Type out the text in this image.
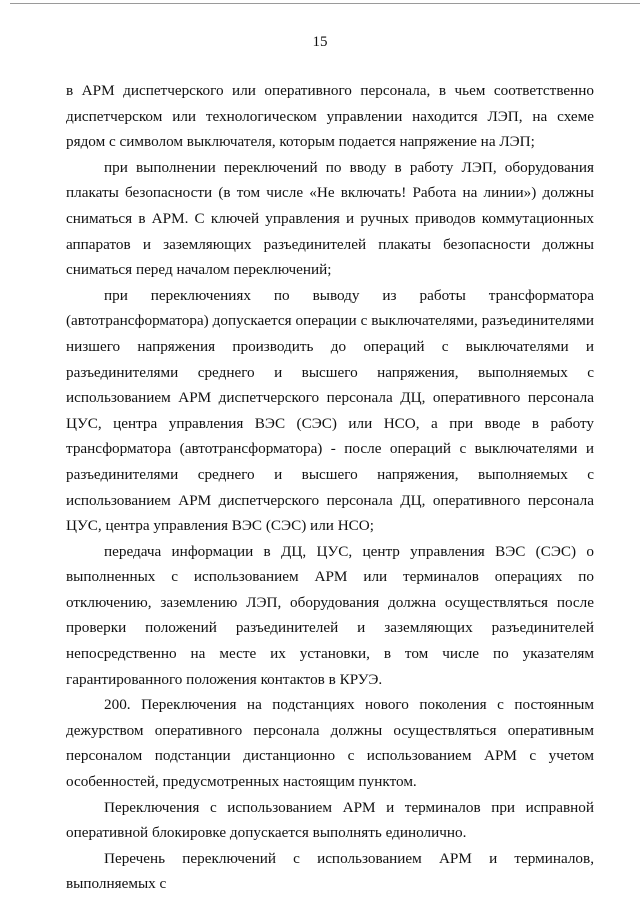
15

в АРМ диспетчерского или оперативного персонала, в чьем соответственно диспетчерском или технологическом управлении находится ЛЭП, на схеме рядом с символом выключателя, которым подается напряжение на ЛЭП;

при выполнении переключений по вводу в работу ЛЭП, оборудования плакаты безопасности (в том числе «Не включать! Работа на линии») должны сниматься в АРМ. С ключей управления и ручных приводов коммутационных аппаратов и заземляющих разъединителей плакаты безопасности должны сниматься перед началом переключений;

при переключениях по выводу из работы трансформатора (автотрансформатора) допускается операции с выключателями, разъединителями низшего напряжения производить до операций с выключателями и разъединителями среднего и высшего напряжения, выполняемых с использованием АРМ диспетчерского персонала ДЦ, оперативного персонала ЦУС, центра управления ВЭС (СЭС) или НСО, а при вводе в работу трансформатора (автотрансформатора) - после операций с выключателями и разъединителями среднего и высшего напряжения, выполняемых с использованием АРМ диспетчерского персонала ДЦ, оперативного персонала ЦУС, центра управления ВЭС (СЭС) или НСО;

передача информации в ДЦ, ЦУС, центр управления ВЭС (СЭС) о выполненных с использованием АРМ или терминалов операциях по отключению, заземлению ЛЭП, оборудования должна осуществляться после проверки положений разъединителей и заземляющих разъединителей непосредственно на месте их установки, в том числе по указателям гарантированного положения контактов в КРУЭ.

200. Переключения на подстанциях нового поколения с постоянным дежурством оперативного персонала должны осуществляться оперативным персоналом подстанции дистанционно с использованием АРМ с учетом особенностей, предусмотренных настоящим пунктом.

Переключения с использованием АРМ и терминалов при исправной оперативной блокировке допускается выполнять единолично.

Перечень переключений с использованием АРМ и терминалов, выполняемых с
